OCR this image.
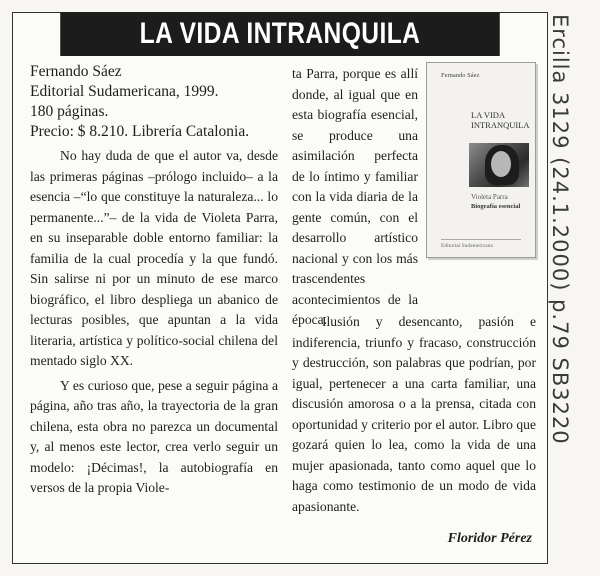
LA VIDA INTRANQUILA
Fernando Sáez
Editorial Sudamericana, 1999.
180 páginas.
Precio: $ 8.210. Librería Catalonia.

No hay duda de que el autor va, desde las primeras páginas –prólogo incluido– a la esencia –“lo que constituye la naturaleza... lo permanente...”– de la vida de Violeta Parra, en su inseparable doble entorno familiar: la familia de la cual procedía y la que fundó. Sin salirse ni por un minuto de ese marco biográfico, el libro despliega un abanico de lecturas posibles, que apuntan a la vida literaria, artística y político-social chilena del mentado siglo XX.

Y es curioso que, pese a seguir página a página, año tras año, la trayectoria de la gran chilena, esta obra no parezca un documental y, al menos este lector, crea verlo seguir un modelo: ¡Décimas!, la autobiografía en versos de la propia Viole-

ta Parra, porque es allí donde, al igual que en esta biografía esencial, se produce una asimilación perfecta de lo íntimo y familiar con la vida diaria de la gente común, con el desarrollo artístico nacional y con los más trascendentes acontecimientos de la época.

Ilusión y desencanto, pasión e indiferencia, triunfo y fracaso, construcción y destrucción, son palabras que podrían, por igual, pertenecer a una carta familiar, una discusión amorosa o a la prensa, citada con oportunidad y criterio por el autor. Libro que gozará quien lo lea, como la vida de una mujer apasionada, tanto como aquel que lo haga como testimonio de un modo de vida apasionante.

Floridor Pérez
Fernando Sáez
LA VIDA
INTRANQUILA
Violeta Parra
Biografía esencial
Editorial Sudamericana	Ercilla 3129 (24.1.2000) p.79 SB3220
